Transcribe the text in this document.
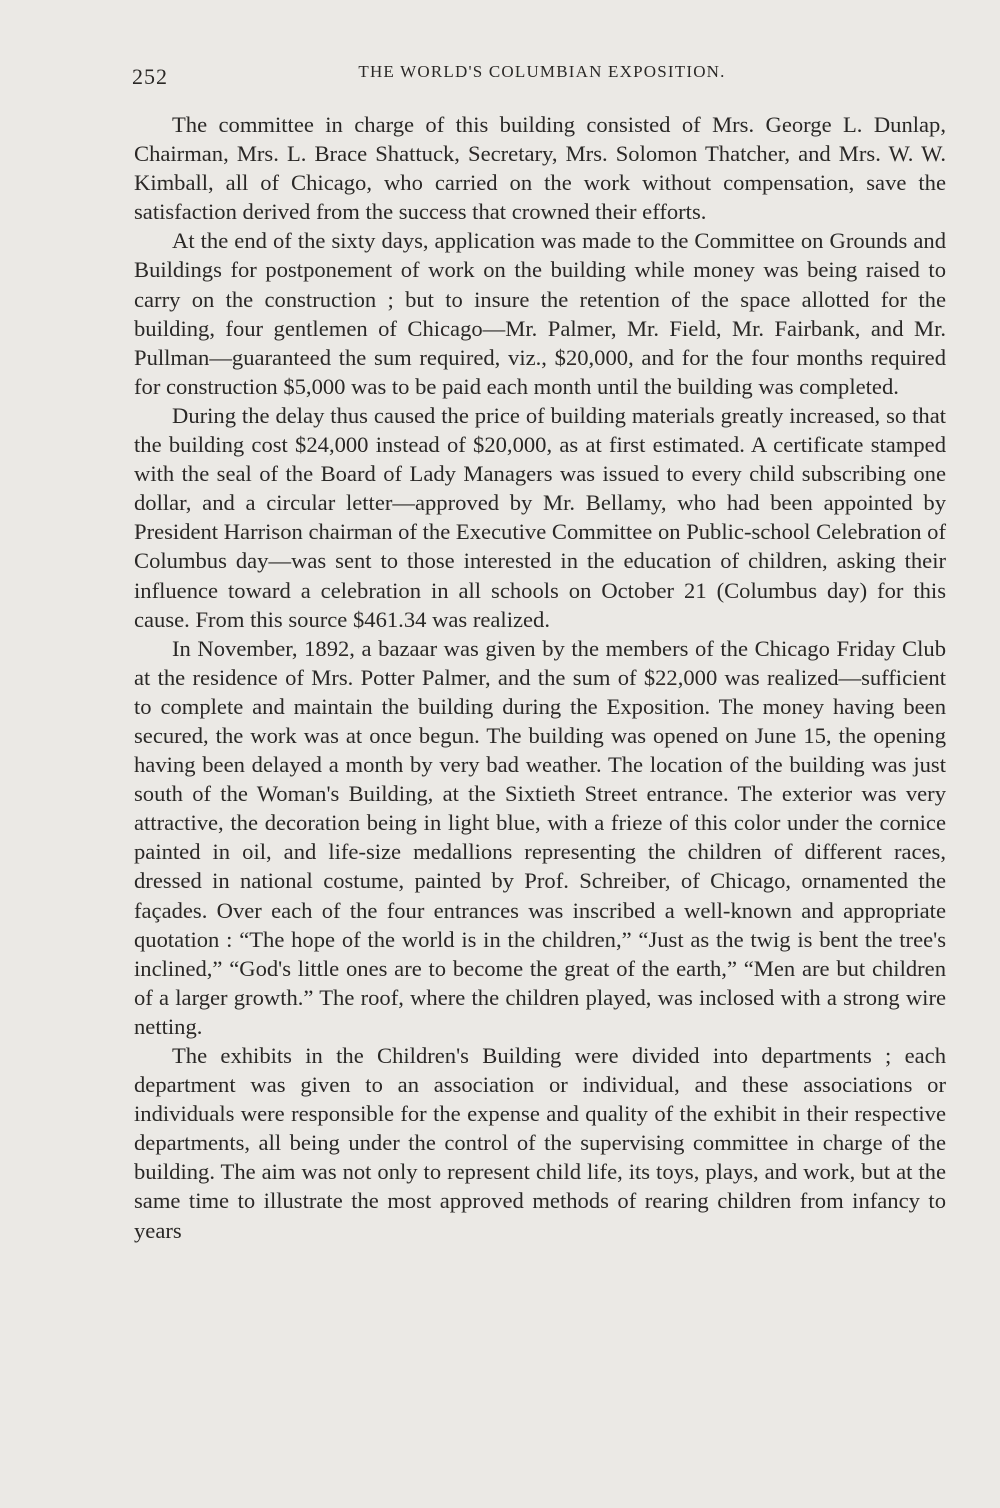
252	THE WORLD'S COLUMBIAN EXPOSITION.

The committee in charge of this building consisted of Mrs. George L. Dunlap, Chairman, Mrs. L. Brace Shattuck, Secretary, Mrs. Solomon Thatcher, and Mrs. W. W. Kimball, all of Chicago, who carried on the work without compensation, save the satisfaction derived from the success that crowned their efforts.

At the end of the sixty days, application was made to the Committee on Grounds and Buildings for postponement of work on the building while money was being raised to carry on the construction ; but to insure the retention of the space allotted for the building, four gentlemen of Chicago—Mr. Palmer, Mr. Field, Mr. Fairbank, and Mr. Pullman—guaranteed the sum required, viz., $20,000, and for the four months required for construction $5,000 was to be paid each month until the building was completed.

During the delay thus caused the price of building materials greatly increased, so that the building cost $24,000 instead of $20,000, as at first estimated. A certificate stamped with the seal of the Board of Lady Managers was issued to every child subscribing one dollar, and a circular letter—approved by Mr. Bellamy, who had been appointed by President Harrison chairman of the Executive Committee on Public-school Celebration of Columbus day—was sent to those interested in the education of children, asking their influence toward a celebration in all schools on October 21 (Columbus day) for this cause. From this source $461.34 was realized.

In November, 1892, a bazaar was given by the members of the Chicago Friday Club at the residence of Mrs. Potter Palmer, and the sum of $22,000 was realized—sufficient to complete and maintain the building during the Exposition. The money having been secured, the work was at once begun. The building was opened on June 15, the opening having been delayed a month by very bad weather. The location of the building was just south of the Woman's Building, at the Sixtieth Street entrance. The exterior was very attractive, the decoration being in light blue, with a frieze of this color under the cornice painted in oil, and life-size medallions representing the children of different races, dressed in national costume, painted by Prof. Schreiber, of Chicago, ornamented the façades. Over each of the four entrances was inscribed a well-known and appropriate quotation : “The hope of the world is in the children,” “Just as the twig is bent the tree's inclined,” “God's little ones are to become the great of the earth,” “Men are but children of a larger growth.” The roof, where the children played, was inclosed with a strong wire netting.

The exhibits in the Children's Building were divided into departments ; each department was given to an association or individual, and these associations or individuals were responsible for the expense and quality of the exhibit in their respective departments, all being under the control of the supervising committee in charge of the building. The aim was not only to represent child life, its toys, plays, and work, but at the same time to illustrate the most approved methods of rearing children from infancy to years
